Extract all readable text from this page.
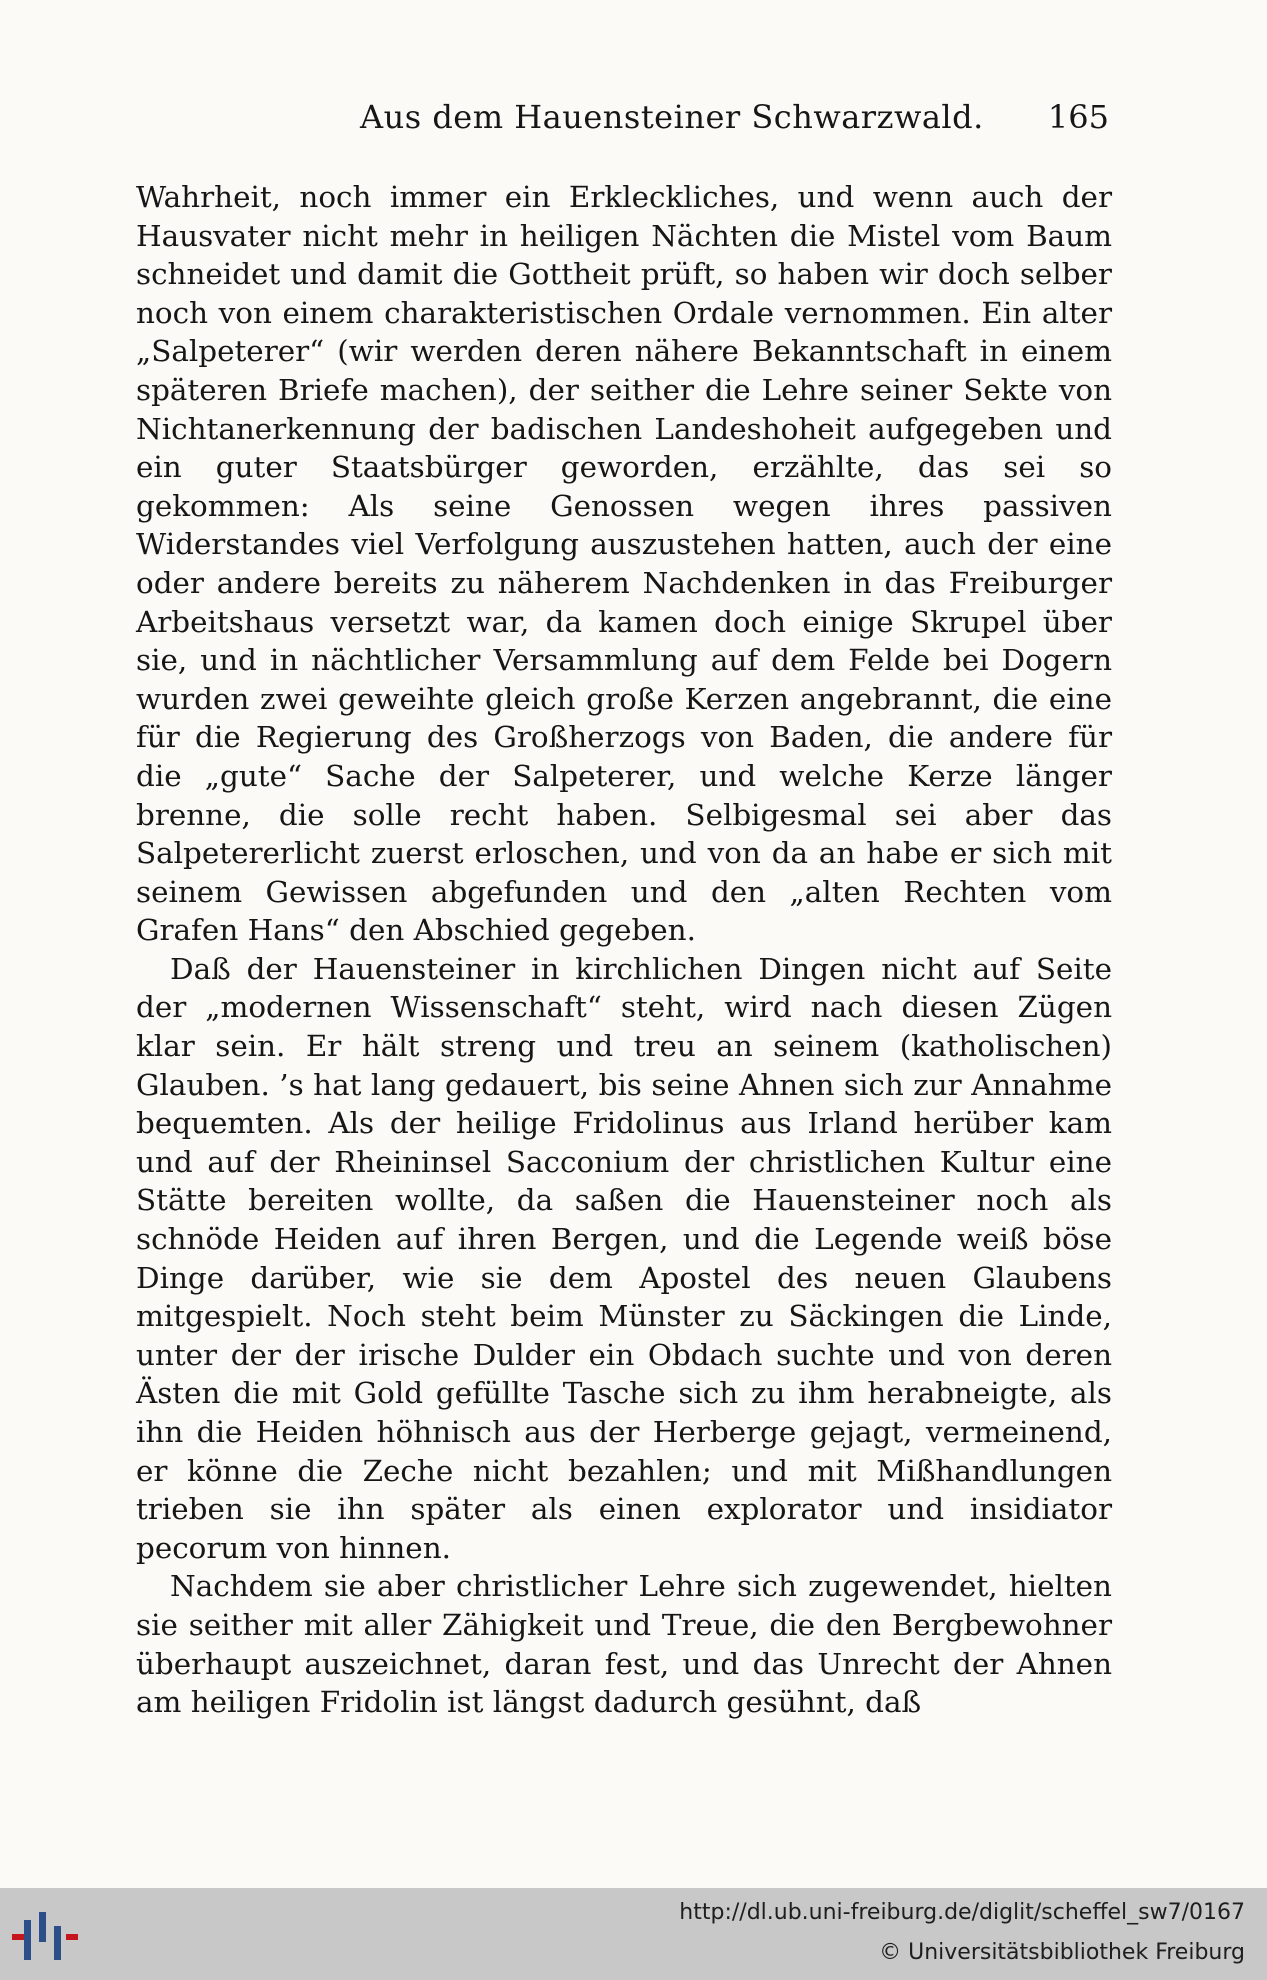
Aus dem Hauensteiner Schwarzwald. 165

Wahrheit, noch immer ein Erkleckliches, und wenn auch der Hausvater nicht mehr in heiligen Nächten die Mistel vom Baum schneidet und damit die Gottheit prüft, so haben wir doch selber noch von einem charakteristischen Ordale vernommen. Ein alter „Salpeterer“ (wir werden deren nähere Bekanntschaft in einem späteren Briefe machen), der seither die Lehre seiner Sekte von Nichtanerkennung der badischen Landeshoheit aufgegeben und ein guter Staatsbürger geworden, erzählte, das sei so gekommen: Als seine Genossen wegen ihres passiven Widerstandes viel Verfolgung auszustehen hatten, auch der eine oder andere bereits zu näherem Nachdenken in das Freiburger Arbeitshaus versetzt war, da kamen doch einige Skrupel über sie, und in nächtlicher Versammlung auf dem Felde bei Dogern wurden zwei geweihte gleich große Kerzen angebrannt, die eine für die Regierung des Großherzogs von Baden, die andere für die „gute“ Sache der Salpeterer, und welche Kerze länger brenne, die solle recht haben. Selbigesmal sei aber das Salpetererlicht zuerst erloschen, und von da an habe er sich mit seinem Gewissen abgefunden und den „alten Rechten vom Grafen Hans“ den Abschied gegeben.

Daß der Hauensteiner in kirchlichen Dingen nicht auf Seite der „modernen Wissenschaft“ steht, wird nach diesen Zügen klar sein. Er hält streng und treu an seinem (katholischen) Glauben. ’s hat lang gedauert, bis seine Ahnen sich zur Annahme bequemten. Als der heilige Fridolinus aus Irland herüber kam und auf der Rheininsel Sacconium der christlichen Kultur eine Stätte bereiten wollte, da saßen die Hauensteiner noch als schnöde Heiden auf ihren Bergen, und die Legende weiß böse Dinge darüber, wie sie dem Apostel des neuen Glaubens mitgespielt. Noch steht beim Münster zu Säckingen die Linde, unter der der irische Dulder ein Obdach suchte und von deren Ästen die mit Gold gefüllte Tasche sich zu ihm herabneigte, als ihn die Heiden höhnisch aus der Herberge gejagt, vermeinend, er könne die Zeche nicht bezahlen; und mit Mißhandlungen trieben sie ihn später als einen explorator und insidiator pecorum von hinnen.

Nachdem sie aber christlicher Lehre sich zugewendet, hielten sie seither mit aller Zähigkeit und Treue, die den Bergbewohner überhaupt auszeichnet, daran fest, und das Unrecht der Ahnen am heiligen Fridolin ist längst dadurch gesühnt, daß

http://dl.ub.uni-freiburg.de/diglit/scheffel_sw7/0167
© Universitätsbibliothek Freiburg
